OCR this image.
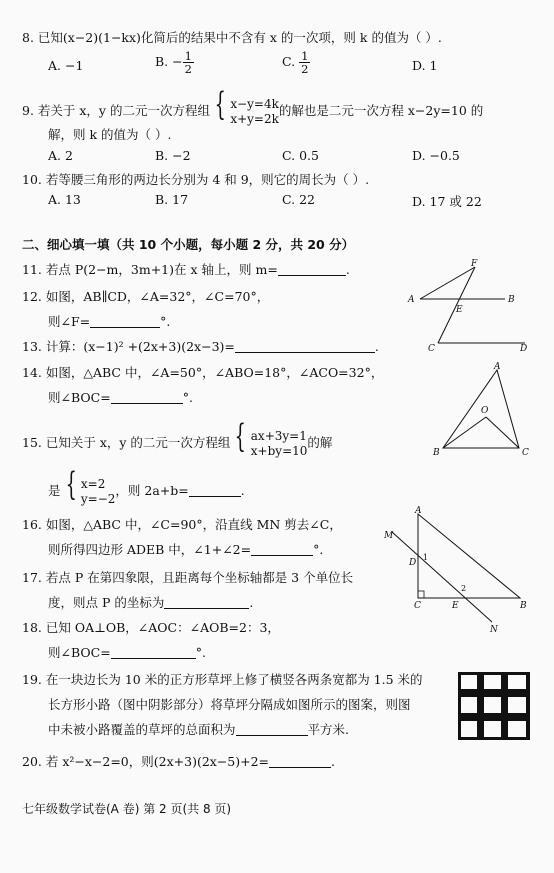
8. 已知(x−2)(1−kx)化简后的结果中不含有 x 的一次项，则 k 的值为（ ）.
A. −1	B. − $\frac{1}{2}$	C. $\frac{1}{2}$	D. 1
9. 若关于 x，y 的二元一次方程组 { x−y=4k
x+y=2k
的解也是二元一次方程 x−2y=10 的
解，则 k 的值为（ ）.
A. 2	B. −2	C. 0.5	D. −0.5
10. 若等腰三角形的两边长分别为 4 和 9，则它的周长为（ ）.
A. 13	B. 17	C. 22	D. 17 或 22
二、细心填一填（共 10 个小题，每小题 2 分，共 20 分）
11. 若点 P(2−m，3m+1)在 x 轴上，则 m=	.
12. 如图，AB∥CD，∠A=32°，∠C=70°，
则∠F=	°.
A	B
C	D
E
F
13. 计算：(x−1)² +(2x+3)(2x−3)=	.
14. 如图，△ABC 中，∠A=50°，∠ABO=18°，∠ACO=32°，
则∠BOC=	°.
A
B	C
O
15. 已知关于 x，y 的二元一次方程组 { ax+3y=1
x+by=10
的解
是 { x=2
y=−2
，则 2a+b=	.
16. 如图，△ABC 中，∠C=90°，沿直线 MN 剪去∠C，
则所得四边形 ADEB 中，∠1+∠2=	°.
A
B
C
D
E
M
N
1
2
17. 若点 P 在第四象限，且距离每个坐标轴都是 3 个单位长
度，则点 P 的坐标为	.
18. 已知 OA⊥OB，∠AOC：∠AOB=2：3，
则∠BOC=	°.
19. 在一块边长为 10 米的正方形草坪上修了横竖各两条宽都为 1.5 米的
长方形小路（图中阴影部分）将草坪分隔成如图所示的图案，则图
中未被小路覆盖的草坪的总面积为	平方米.
20. 若 x²−x−2=0，则(2x+3)(2x−5)+2=	.
七年级数学试卷(A 卷) 第 2 页(共 8 页)
